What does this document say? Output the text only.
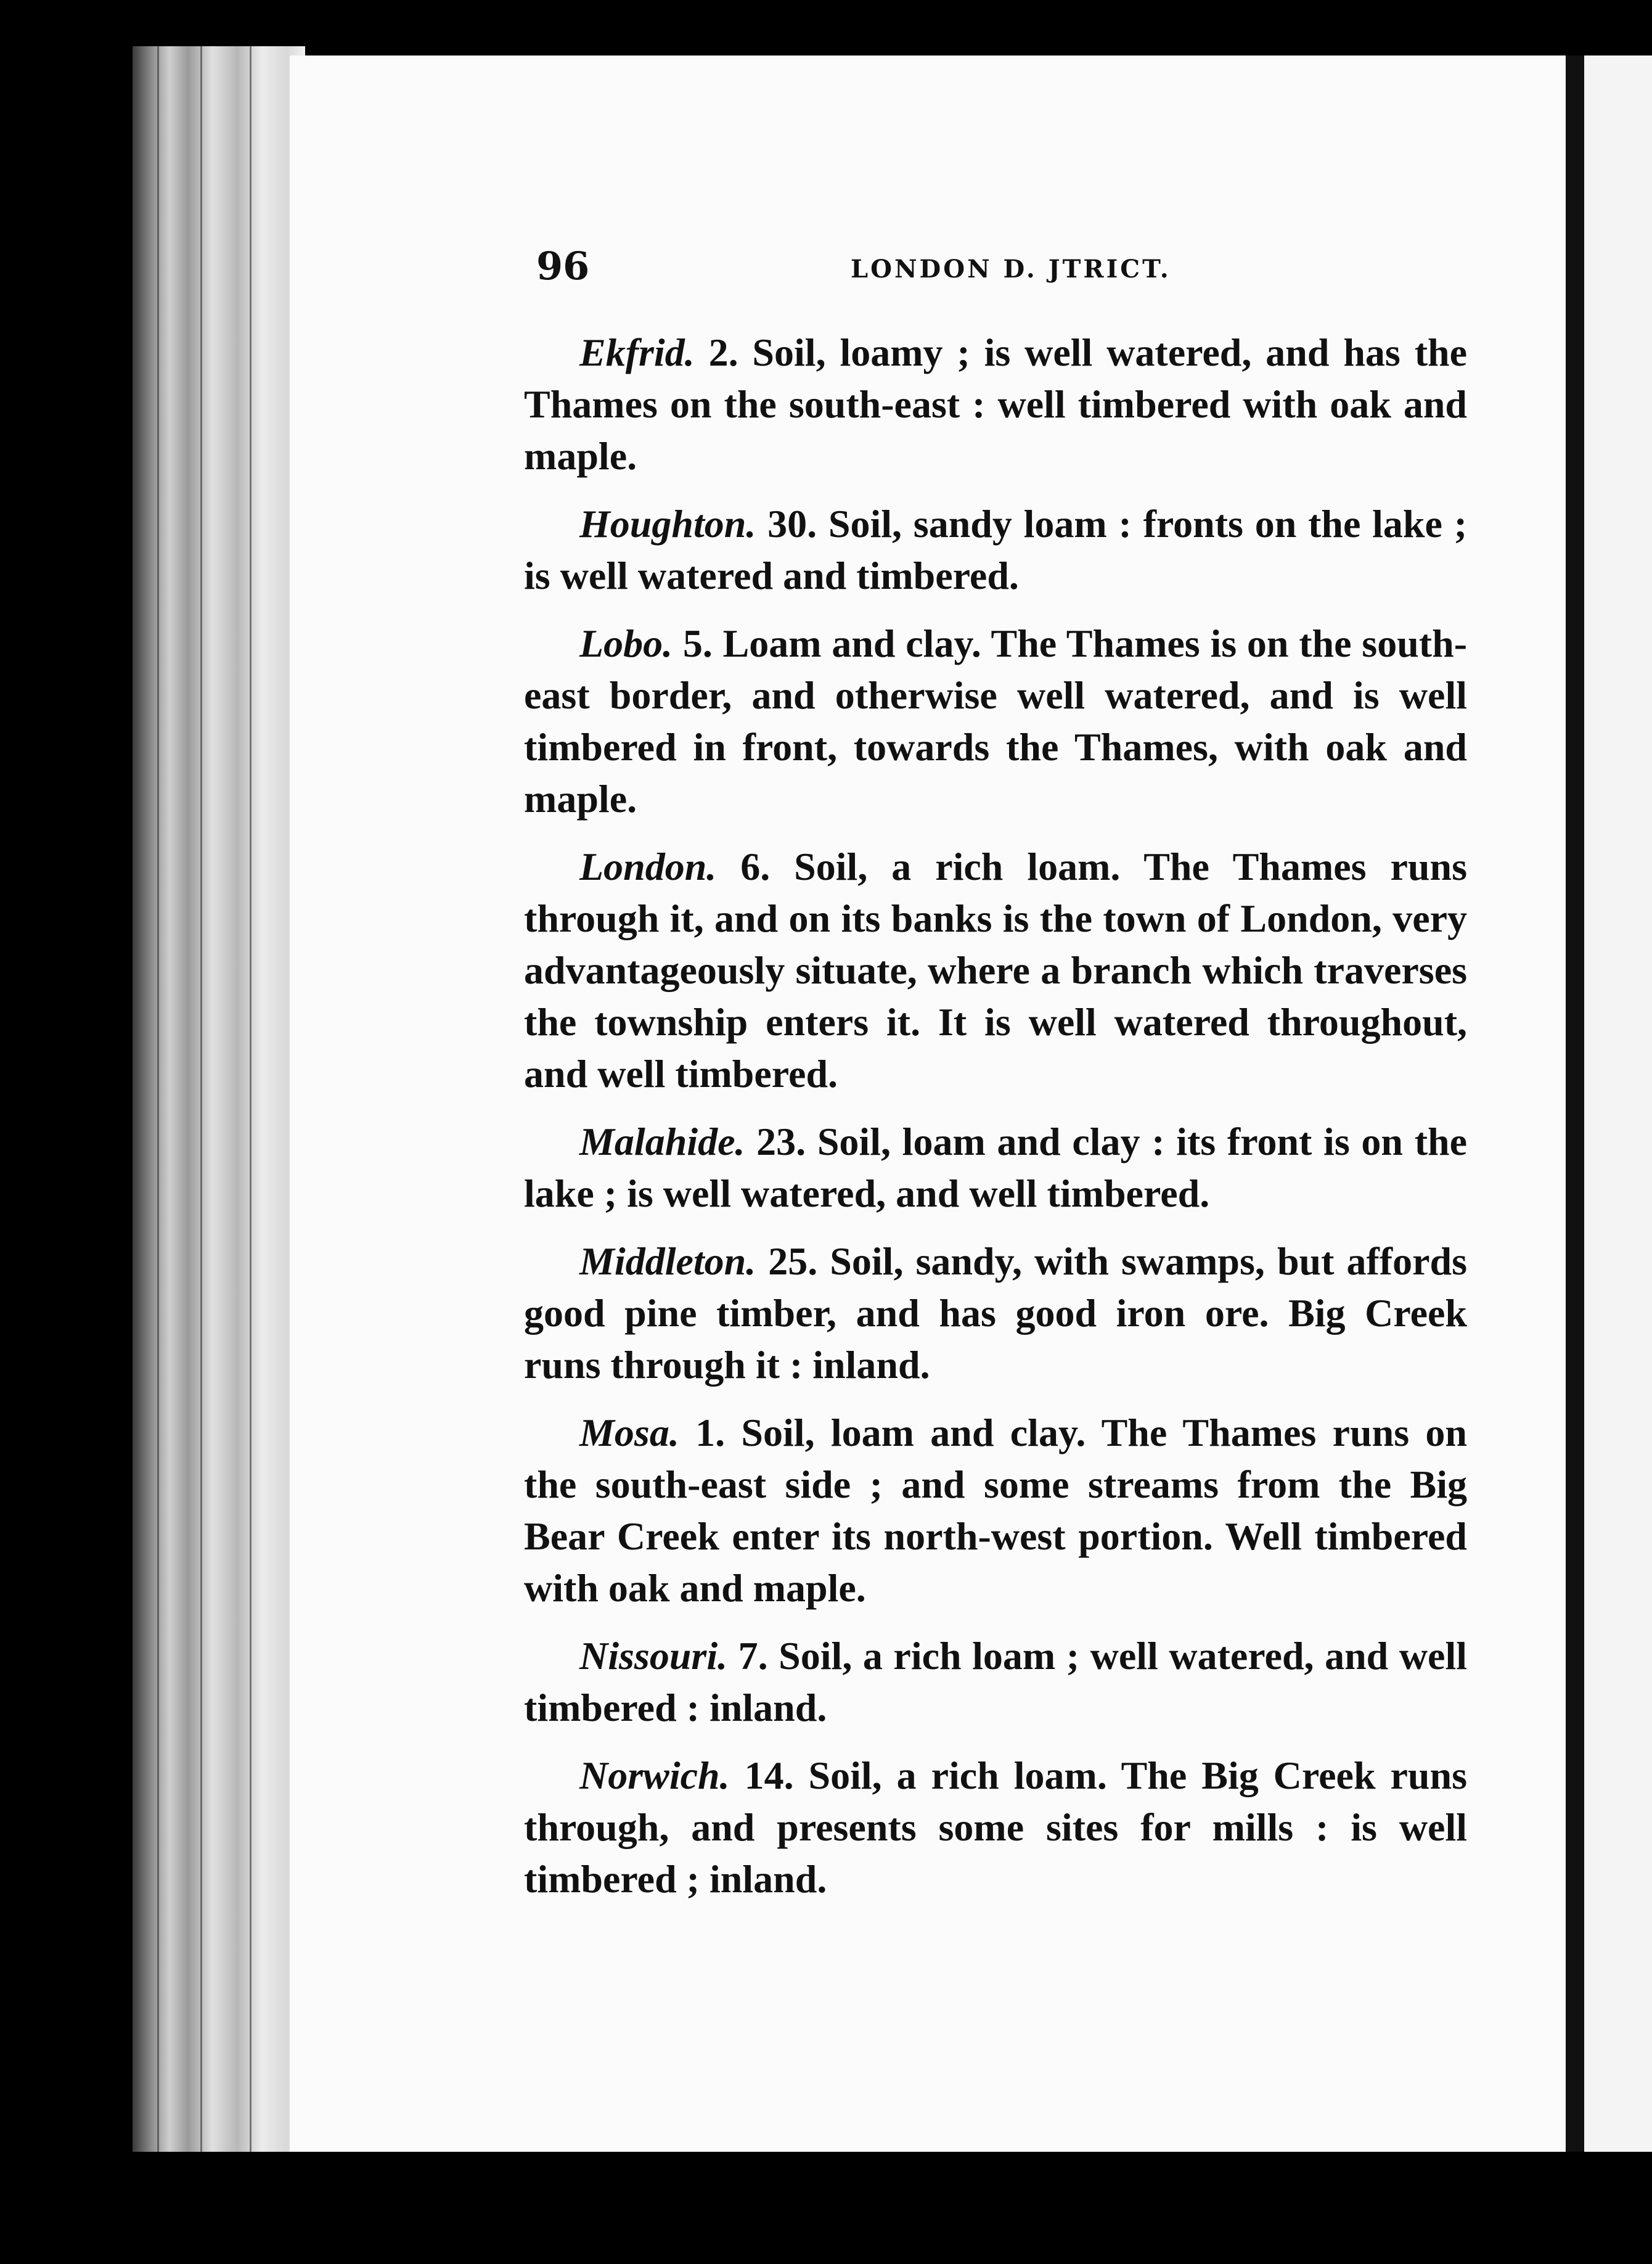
96	LONDON D. JTRICT.

Ekfrid. 2. Soil, loamy ; is well watered, and has the Thames on the south-east : well timbered with oak and maple.

Houghton. 30. Soil, sandy loam : fronts on the lake ; is well watered and timbered.

Lobo. 5. Loam and clay. The Thames is on the south-east border, and otherwise well watered, and is well timbered in front, towards the Thames, with oak and maple.

London. 6. Soil, a rich loam. The Thames runs through it, and on its banks is the town of London, very advantageously situate, where a branch which traverses the township enters it. It is well watered throughout, and well timbered.

Malahide. 23. Soil, loam and clay : its front is on the lake ; is well watered, and well timbered.

Middleton. 25. Soil, sandy, with swamps, but affords good pine timber, and has good iron ore. Big Creek runs through it : inland.

Mosa. 1. Soil, loam and clay. The Thames runs on the south-east side ; and some streams from the Big Bear Creek enter its north-west portion. Well timbered with oak and maple.

Nissouri. 7. Soil, a rich loam ; well watered, and well timbered : inland.

Norwich. 14. Soil, a rich loam. The Big Creek runs through, and presents some sites for mills : is well timbered ; inland.
